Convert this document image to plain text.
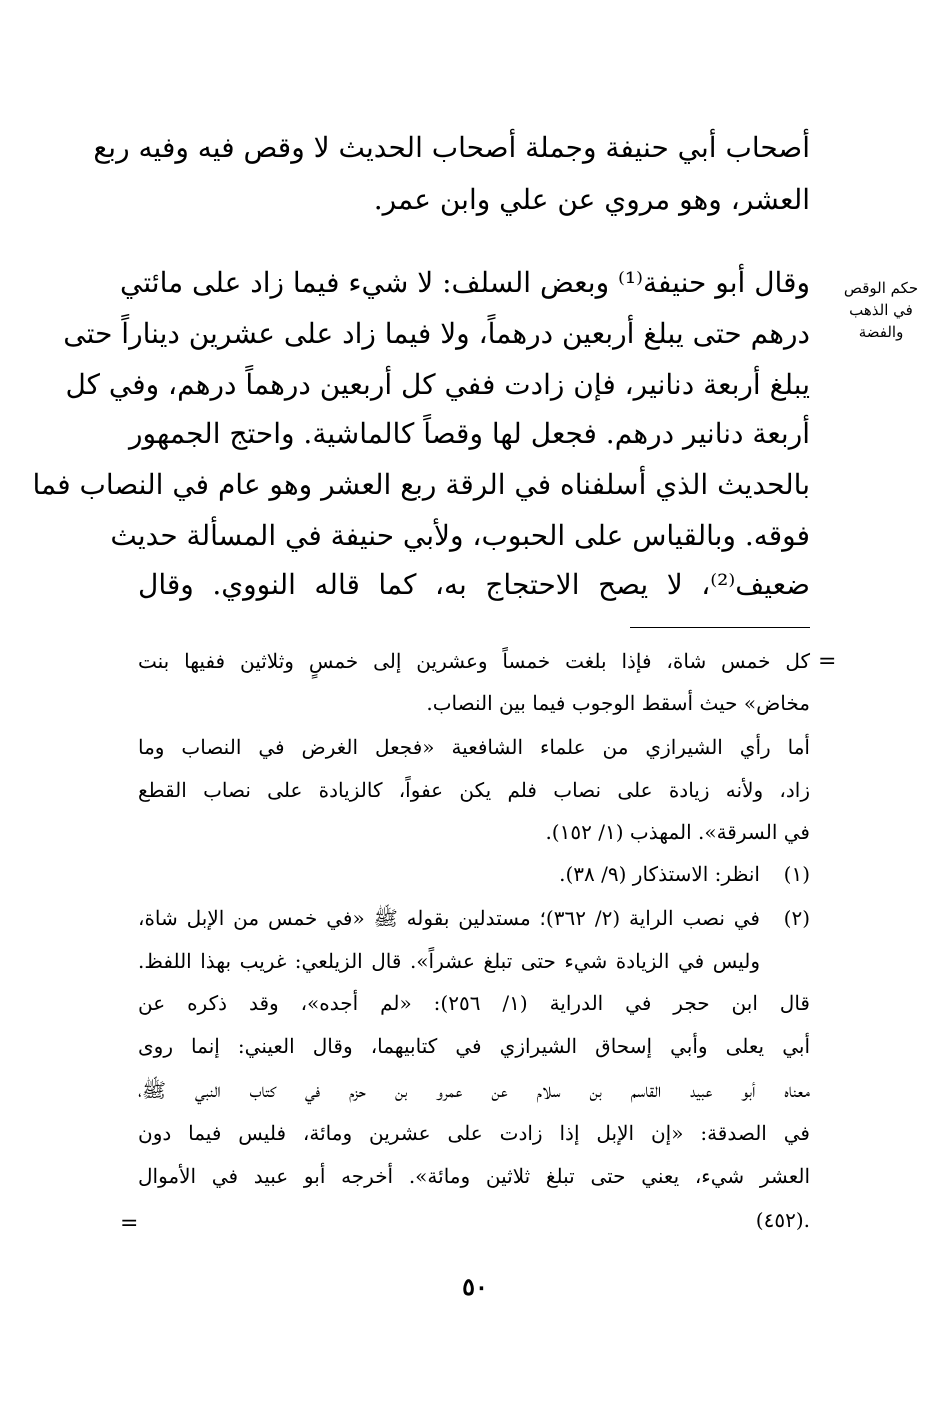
أصحاب أبي حنيفة وجملة أصحاب الحديث لا وقص فيه وفيه ربع
العشر، وهو مروي عن علي وابن عمر.
وقال أبو حنيفة⁽¹⁾ وبعض السلف: لا شيء فيما زاد على مائتي
درهم حتى يبلغ أربعين درهماً، ولا فيما زاد على عشرين ديناراً حتى
يبلغ أربعة دنانير، فإن زادت ففي كل أربعين درهماً درهم، وفي كل
أربعة دنانير درهم. فجعل لها وقصاً كالماشية. واحتج الجمهور
بالحديث الذي أسلفناه في الرقة ربع العشر وهو عام في النصاب فما
فوقه. وبالقياس على الحبوب، ولأبي حنيفة في المسألة حديث
ضعيف⁽²⁾، لا يصح الاحتجاج به، كما قاله النووي. وقال
حكم الوقص
في الذهب
والفضة
=
كل خمس شاة، فإذا بلغت خمساً وعشرين إلى خمسٍ وثلاثين ففيها بنت
مخاض» حيث أسقط الوجوب فيما بين النصاب.
أما رأي الشيرازي من علماء الشافعية «فجعل الغرض في النصاب وما
زاد، ولأنه زيادة على نصاب فلم يكن عفواً، كالزيادة على نصاب القطع
في السرقة». المهذب (١/ ١٥٢).
(١)
انظر: الاستذكار (٩/ ٣٨).
(٢)
في نصب الراية (٢/ ٣٦٢)؛ مستدلين بقوله ﷺ «في خمس من الإبل شاة،
وليس في الزيادة شيء حتى تبلغ عشراً». قال الزيلعي: غريب بهذا اللفظ.
قال ابن حجر في الدراية (١/ ٢٥٦): «لم أجده»، وقد ذكره عن
أبي يعلى وأبي إسحاق الشيرازي في كتابيهما، وقال العيني: إنما روى
معناه أبو عبيد القاسم بن سلام عن عمرو بن حزم في كتاب النبي ﷺ،
في الصدقة: «إن الإبل إذا زادت على عشرين ومائة، فليس فيما دون
العشر شيء، يعني حتى تبلغ ثلاثين ومائة». أخرجه أبو عبيد في الأموال
(٤٥٢).
=
٥٠
